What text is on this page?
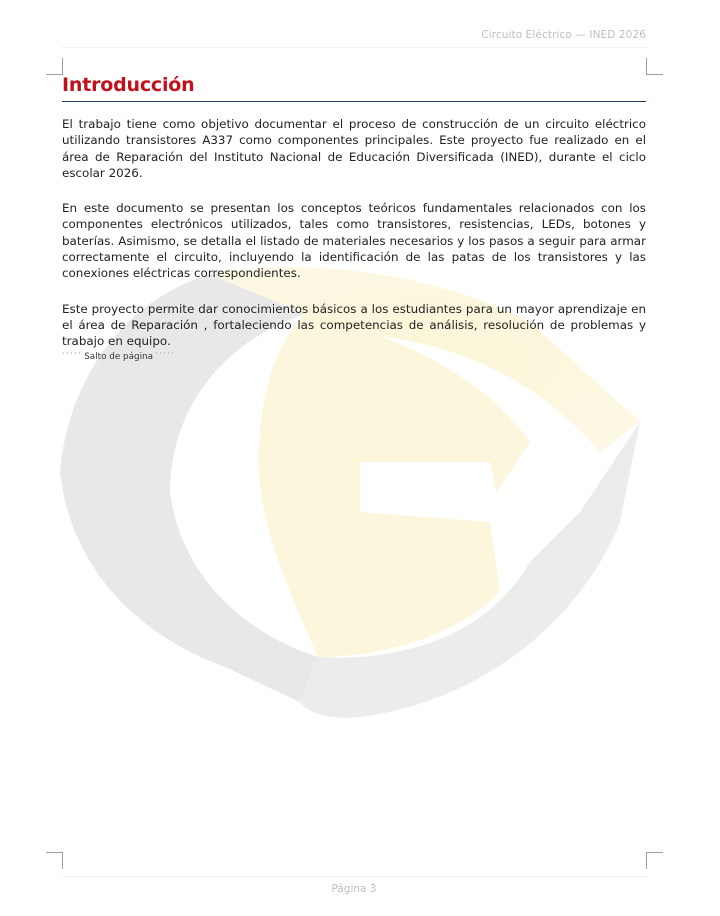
Circuito Eléctrico — INED 2026
Introducción

El trabajo tiene como objetivo documentar el proceso de construcción de un circuito eléctrico utilizando transistores A337 como componentes principales. Este proyecto fue realizado en el área de Reparación del Instituto Nacional de Educación Diversificada (INED), durante el ciclo escolar 2026.

En este documento se presentan los conceptos teóricos fundamentales relacionados con los componentes electrónicos utilizados, tales como transistores, resistencias, LEDs, botones y baterías. Asimismo, se detalla el listado de materiales necesarios y los pasos a seguir para armar correctamente el circuito, incluyendo la identificación de las patas de los transistores y las conexiones eléctricas correspondientes.

Este proyecto permite dar conocimientos básicos a los estudiantes para un mayor aprendizaje en el área de Reparación , fortaleciendo las competencias de análisis, resolución de problemas y trabajo en equipo.

····· Salto de página ·····
Página 3
